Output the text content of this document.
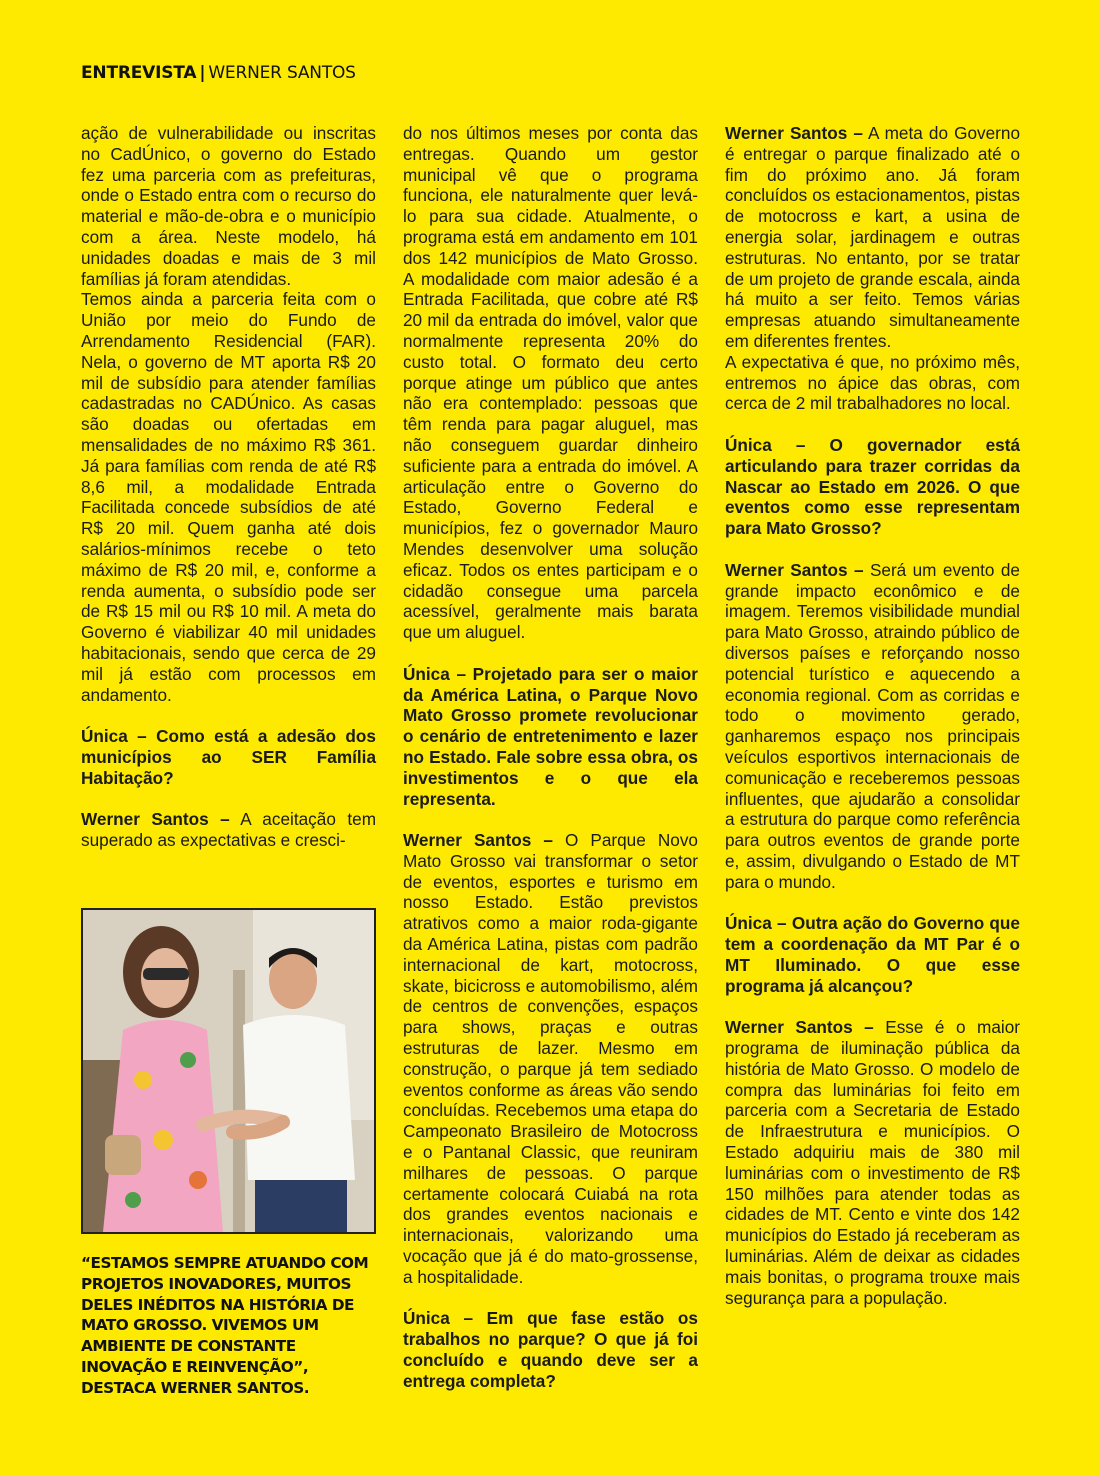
ENTREVISTA | WERNER SANTOS

ação de vulnerabilidade ou inscritas no CadÚnico, o governo do Estado fez uma parceria com as prefeituras, onde o Estado entra com o recurso do material e mão-de-obra e o município com a área. Neste modelo, há unidades doadas e mais de 3 mil famílias já foram atendidas.

Temos ainda a parceria feita com o União por meio do Fundo de Arrendamento Residencial (FAR). Nela, o governo de MT aporta R$ 20 mil de subsídio para atender famílias cadastradas no CADÚnico. As casas são doadas ou ofertadas em mensalidades de no máximo R$ 361. Já para famílias com renda de até R$ 8,6 mil, a modalidade Entrada Facilitada concede subsídios de até R$ 20 mil. Quem ganha até dois salários-mínimos recebe o teto máximo de R$ 20 mil, e, conforme a renda aumenta, o subsídio pode ser de R$ 15 mil ou R$ 10 mil. A meta do Governo é viabilizar 40 mil unidades habitacionais, sendo que cerca de 29 mil já estão com processos em andamento.

Única – Como está a adesão dos municípios ao SER Família Habitação?

Werner Santos – A aceitação tem superado as expectativas e cresci-

“ESTAMOS SEMPRE ATUANDO COM PROJETOS INOVADORES, MUITOS DELES INÉDITOS NA HISTÓRIA DE MATO GROSSO. VIVEMOS UM AMBIENTE DE CONSTANTE INOVAÇÃO E REINVENÇÃO”, DESTACA WERNER SANTOS.

do nos últimos meses por conta das entregas. Quando um gestor municipal vê que o programa funciona, ele naturalmente quer levá-lo para sua cidade. Atualmente, o programa está em andamento em 101 dos 142 municípios de Mato Grosso. A modalidade com maior adesão é a Entrada Facilitada, que cobre até R$ 20 mil da entrada do imóvel, valor que normalmente representa 20% do custo total. O formato deu certo porque atinge um público que antes não era contemplado: pessoas que têm renda para pagar aluguel, mas não conseguem guardar dinheiro suficiente para a entrada do imóvel. A articulação entre o Governo do Estado, Governo Federal e municípios, fez o governador Mauro Mendes desenvolver uma solução eficaz. Todos os entes participam e o cidadão consegue uma parcela acessível, geralmente mais barata que um aluguel.

Única – Projetado para ser o maior da América Latina, o Parque Novo Mato Grosso promete revolucionar o cenário de entretenimento e lazer no Estado. Fale sobre essa obra, os investimentos e o que ela representa.

Werner Santos – O Parque Novo Mato Grosso vai transformar o setor de eventos, esportes e turismo em nosso Estado. Estão previstos atrativos como a maior roda-gigante da América Latina, pistas com padrão internacional de kart, motocross, skate, bicicross e automobilismo, além de centros de convenções, espaços para shows, praças e outras estruturas de lazer. Mesmo em construção, o parque já tem sediado eventos conforme as áreas vão sendo concluídas. Recebemos uma etapa do Campeonato Brasileiro de Motocross e o Pantanal Classic, que reuniram milhares de pessoas. O parque certamente colocará Cuiabá na rota dos grandes eventos nacionais e internacionais, valorizando uma vocação que já é do mato-grossense, a hospitalidade.

Única – Em que fase estão os trabalhos no parque? O que já foi concluído e quando deve ser a entrega completa?

Werner Santos – A meta do Governo é entregar o parque finalizado até o fim do próximo ano. Já foram concluídos os estacionamentos, pistas de motocross e kart, a usina de energia solar, jardinagem e outras estruturas. No entanto, por se tratar de um projeto de grande escala, ainda há muito a ser feito. Temos várias empresas atuando simultaneamente em diferentes frentes.

A expectativa é que, no próximo mês, entremos no ápice das obras, com cerca de 2 mil trabalhadores no local.

Única – O governador está articulando para trazer corridas da Nascar ao Estado em 2026. O que eventos como esse representam para Mato Grosso?

Werner Santos – Será um evento de grande impacto econômico e de imagem. Teremos visibilidade mundial para Mato Grosso, atraindo público de diversos países e reforçando nosso potencial turístico e aquecendo a economia regional. Com as corridas e todo o movimento gerado, ganharemos espaço nos principais veículos esportivos internacionais de comunicação e receberemos pessoas influentes, que ajudarão a consolidar a estrutura do parque como referência para outros eventos de grande porte e, assim, divulgando o Estado de MT para o mundo.

Única – Outra ação do Governo que tem a coordenação da MT Par é o MT Iluminado. O que esse programa já alcançou?

Werner Santos – Esse é o maior programa de iluminação pública da história de Mato Grosso. O modelo de compra das luminárias foi feito em parceria com a Secretaria de Estado de Infraestrutura e municípios. O Estado adquiriu mais de 380 mil luminárias com o investimento de R$ 150 milhões para atender todas as cidades de MT. Cento e vinte dos 142 municípios do Estado já receberam as luminárias. Além de deixar as cidades mais bonitas, o programa trouxe mais segurança para a população.
